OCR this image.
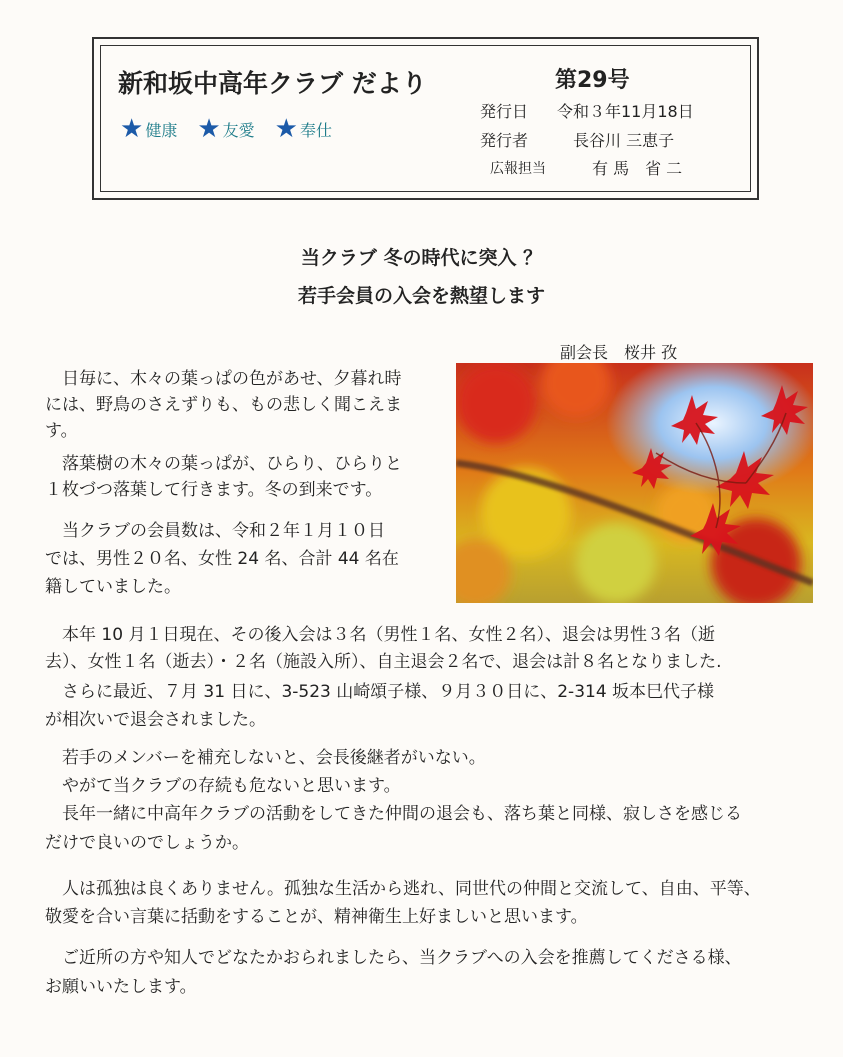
新和坂中高年クラブ だより	第29号
★ 健康 ★ 友愛 ★ 奉仕
発行日 令和３年11月18日
発行者	長谷川 三恵子
広報担当	有 馬　省 二
当クラブ 冬の時代に突入 ？
若手会員の入会を熱望します
副会長　桜井 孜

　日毎に、木々の葉っぱの色があせ、夕暮れ時

には、野鳥のさえずりも、もの悲しく聞こえま

す。

　落葉樹の木々の葉っぱが、ひらり、ひらりと

１枚づつ落葉して行きます。冬の到来です。

　当クラブの会員数は、令和２年１月１０日

では、男性２０名、女性 24 名、合計 44 名在

籍していました。

　本年 10 月１日現在、その後入会は３名（男性１名、女性２名）、退会は男性３名（逝

去）、女性１名（逝去）・２名（施設入所）、自主退会２名で、退会は計８名となりました.

　さらに最近、７月 31 日に、3-523 山崎頌子様、９月３０日に、2-314 坂本巳代子様

が相次いで退会されました。

　若手のメンバーを補充しないと、会長後継者がいない。

　やがて当クラブの存続も危ないと思います。

　長年一緒に中高年クラブの活動をしてきた仲間の退会も、落ち葉と同様、寂しさを感じる

だけで良いのでしょうか。

　人は孤独は良くありません。孤独な生活から逃れ、同世代の仲間と交流して、自由、平等、

敬愛を合い言葉に括動をすることが、精神衛生上好ましいと思います。

　ご近所の方や知人でどなたかおられましたら、当クラブへの入会を推薦してくださる様、

お願いいたします。
